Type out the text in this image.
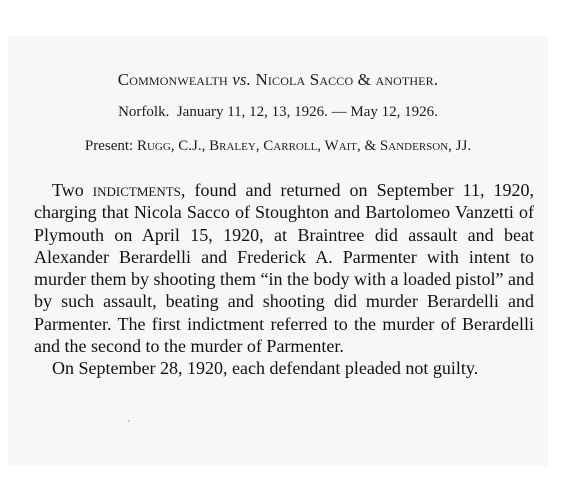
Commonwealth vs. Nicola Sacco & another.
Norfolk.  January 11, 12, 13, 1926. — May 12, 1926.
Present: Rugg, C.J., Braley, Carroll, Wait, & Sanderson, JJ.

Two indictments, found and returned on September 11, 1920, charging that Nicola Sacco of Stoughton and Bartolomeo Vanzetti of Plymouth on April 15, 1920, at Braintree did assault and beat Alexander Berardelli and Frederick A. Parmenter with intent to murder them by shooting them “in the body with a loaded pistol” and by such assault, beating and shooting did murder Berardelli and Parmenter. The first indictment referred to the murder of Berardelli and the second to the murder of Parmenter.

On September 28, 1920, each defendant pleaded not guilty.
